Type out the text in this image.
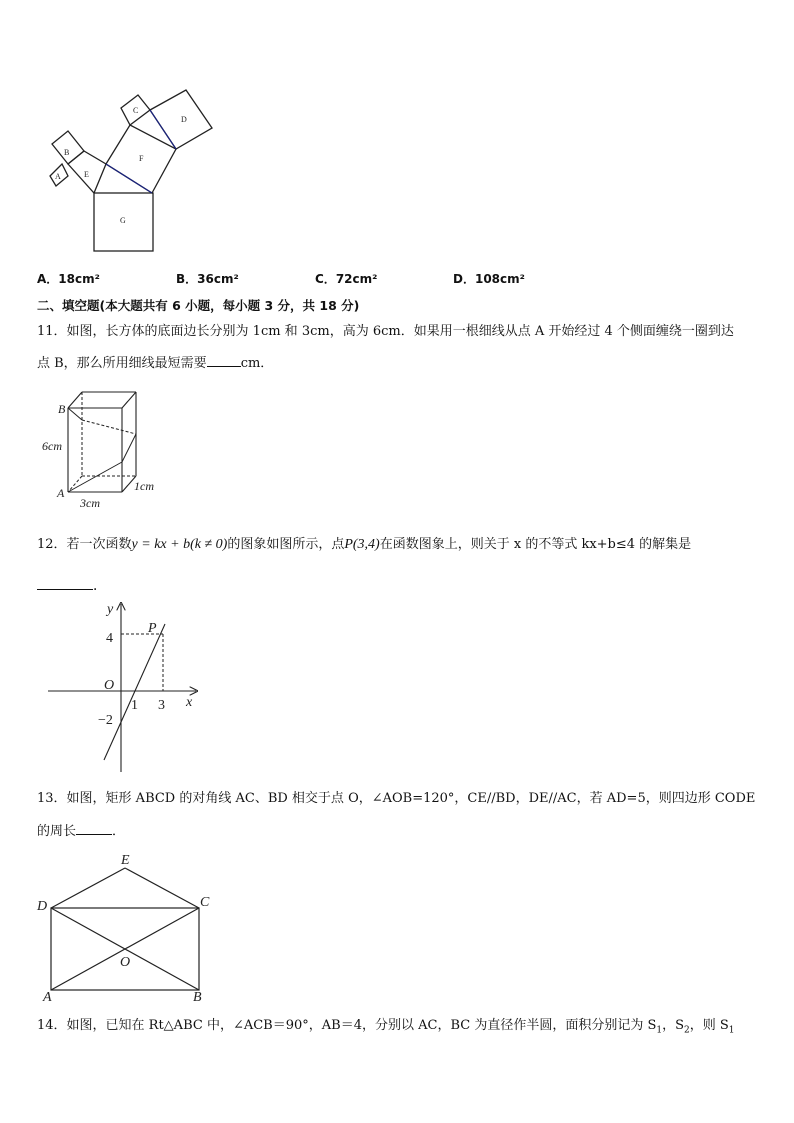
B
A	E
F
C
D
G
A．18cm²	B．36cm²	C．72cm²	D．108cm²
二、填空题(本大题共有 6 小题，每小题 3 分，共 18 分)
11．如图，长方体的底面边长分别为 1cm 和 3cm，高为 6cm．如果用一根细线从点 A 开始经过 4 个侧面缠绕一圈到达
点 B，那么所用细线最短需要	cm．
B
A
6cm
3cm
1cm
12．若一次函数y = kx + b(k ≠ 0)的图象如图所示，点P(3,4)在函数图象上，则关于 x 的不等式 kx+b≤4 的解集是
.
y
x
P
O
4
1 3
−2
13．如图，矩形 ABCD 的对角线 AC、BD 相交于点 O，∠AOB=120°，CE//BD，DE//AC，若 AD=5，则四边形 CODE
的周长	．
E
D	C
O
A	B
14．如图，已知在 Rt△ABC 中，∠ACB＝90°，AB＝4，分别以 AC，BC 为直径作半圆，面积分别记为 $S_1$，$S_2$，则 $S_1$
